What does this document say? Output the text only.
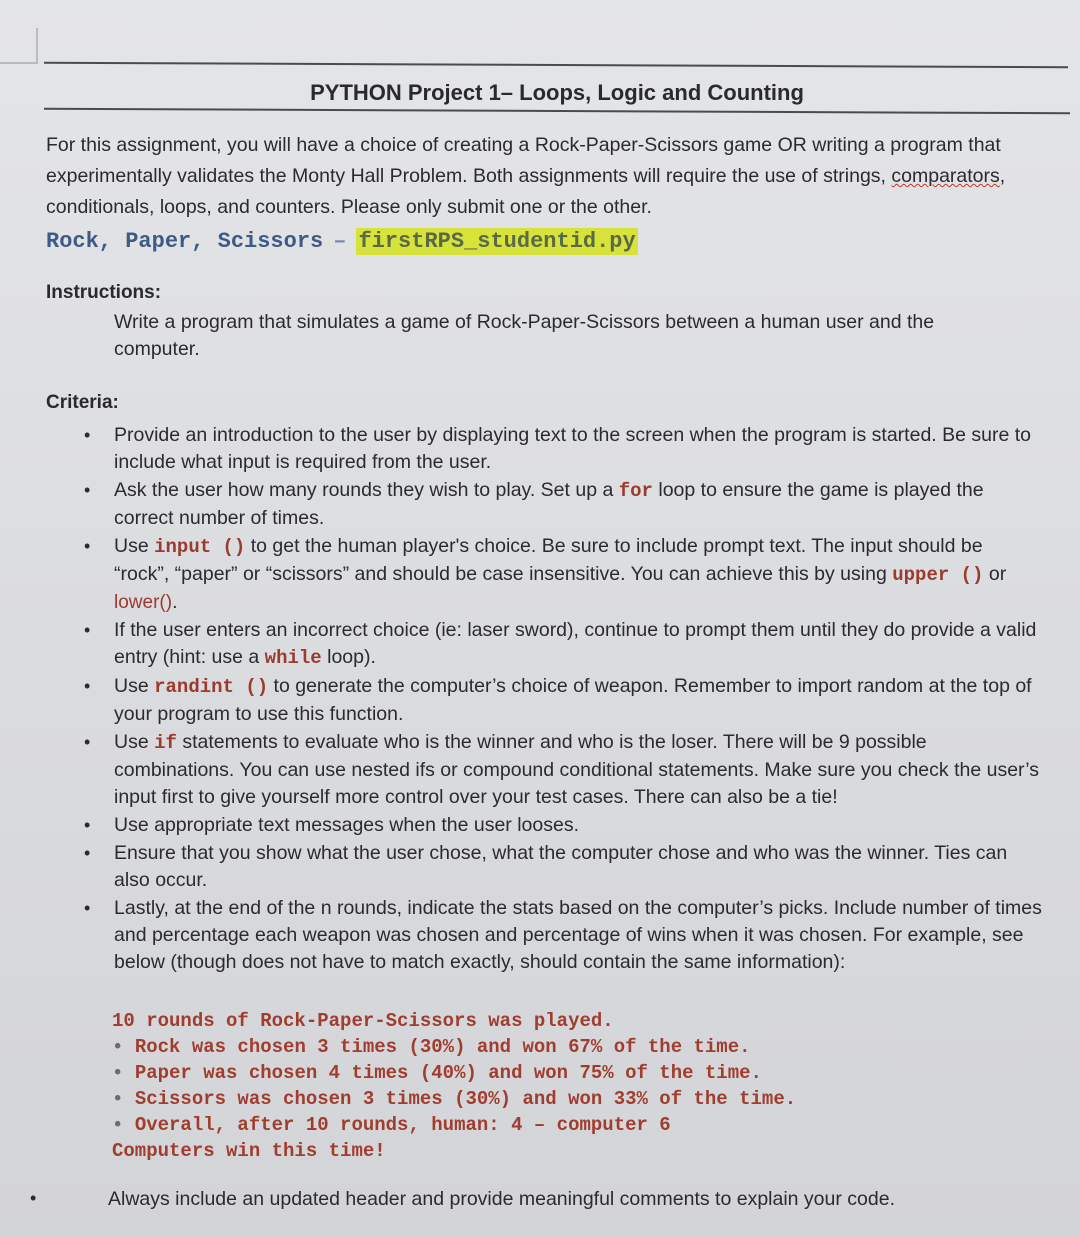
PYTHON Project 1– Loops, Logic and Counting
For this assignment, you will have a choice of creating a Rock-Paper-Scissors game OR writing a program that experimentally validates the Monty Hall Problem. Both assignments will require the use of strings, comparators, conditionals, loops, and counters. Please only submit one or the other.
Rock, Paper, Scissors – firstRPS_studentid.py
Instructions:
Write a program that simulates a game of Rock-Paper-Scissors between a human user and the computer.
Criteria:
• Provide an introduction to the user by displaying text to the screen when the program is started. Be sure to include what input is required from the user.
• Ask the user how many rounds they wish to play. Set up a for loop to ensure the game is played the correct number of times.
• Use input () to get the human player's choice. Be sure to include prompt text. The input should be “rock”, “paper” or “scissors” and should be case insensitive. You can achieve this by using upper () or lower().
• If the user enters an incorrect choice (ie: laser sword), continue to prompt them until they do provide a valid entry (hint: use a while loop).
• Use randint () to generate the computer’s choice of weapon. Remember to import random at the top of your program to use this function.
• Use if statements to evaluate who is the winner and who is the loser. There will be 9 possible combinations. You can use nested ifs or compound conditional statements. Make sure you check the user’s input first to give yourself more control over your test cases. There can also be a tie!
• Use appropriate text messages when the user looses.
• Ensure that you show what the user chose, what the computer chose and who was the winner. Ties can also occur.
• Lastly, at the end of the n rounds, indicate the stats based on the computer’s picks. Include number of times and percentage each weapon was chosen and percentage of wins when it was chosen. For example, see below (though does not have to match exactly, should contain the same information):
10 rounds of Rock-Paper-Scissors was played.
• Rock was chosen 3 times (30%) and won 67% of the time.
• Paper was chosen 4 times (40%) and won 75% of the time.
• Scissors was chosen 3 times (30%) and won 33% of the time.
• Overall, after 10 rounds, human: 4 – computer 6
Computers win this time!
•	Always include an updated header and provide meaningful comments to explain your code.
